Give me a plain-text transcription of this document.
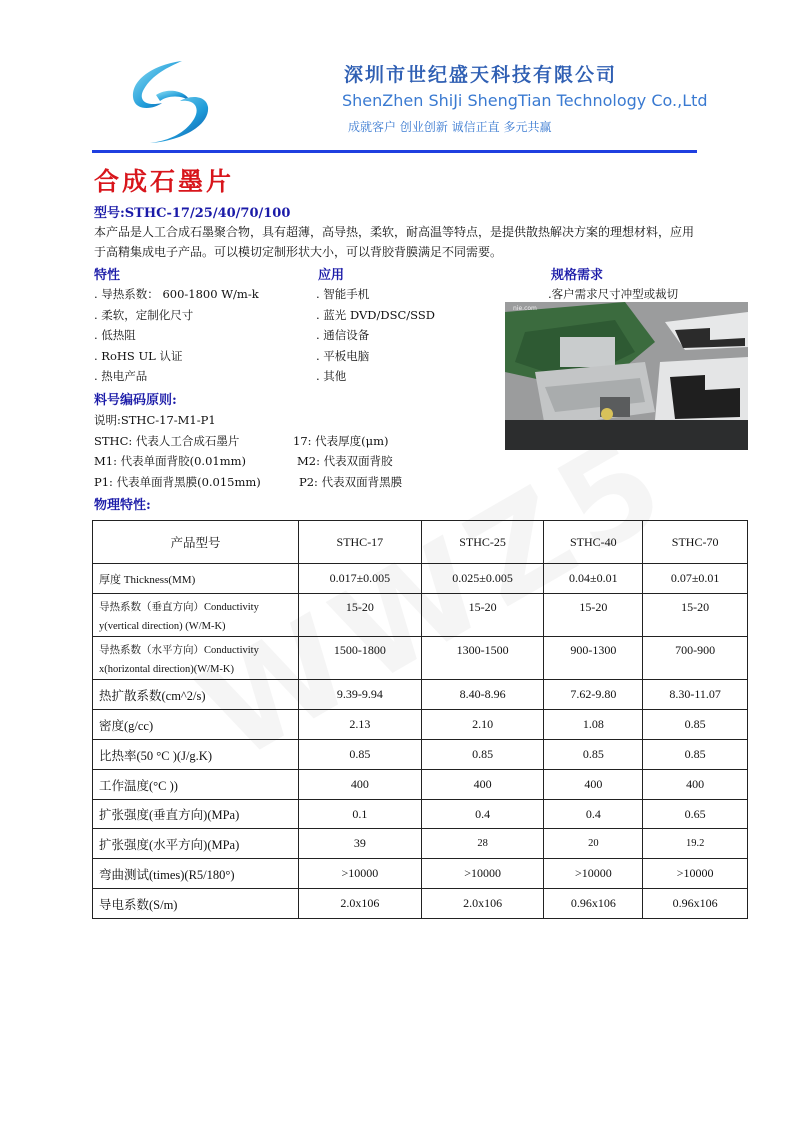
深圳市世纪盛天科技有限公司
ShenZhen ShiJi ShengTian Technology Co.,Ltd
成就客户 创业创新 诚信正直 多元共赢
合成石墨片
型号:STHC-17/25/40/70/100
本产品是人工合成石墨聚合物，具有超薄，高导热，柔软，耐高温等特点，是提供散热解决方案的理想材料，应用于高精集成电子产品。可以模切定制形状大小，可以背胶背膜满足不同需要。
特性
. 导热系数： 600-1800 W/m-k
. 柔软，定制化尺寸
. 低热阻
. RoHS UL 认证
. 热电产品
应用
. 智能手机
. 蓝光 DVD/DSC/SSD
. 通信设备
. 平板电脑
. 其他
规格需求
.客户需求尺寸冲型或裁切
nie.com
料号编码原则:
说明:STHC-17-M1-P1
STHC: 代表人工合成石墨片	17: 代表厚度(μm)
M1: 代表单面背胶(0.01mm)	M2: 代表双面背胶
P1: 代表单面背黑膜(0.015mm)	P2: 代表双面背黑膜
物理特性:
产品型号	STHC-17	STHC-25	STHC-40	STHC-70
厚度 Thickness(MM)	0.017±0.005	0.025±0.005	0.04±0.01	0.07±0.01
导热系数（垂直方向）Conductivity y(vertical direction) (W/M-K)	15-20	15-20	15-20	15-20
导热系数（水平方向）Conductivity x(horizontal direction)(W/M-K)	1500-1800	1300-1500	900-1300	700-900
热扩散系数(cm^2/s)	9.39-9.94	8.40-8.96	7.62-9.80	8.30-11.07
密度(g/cc)	2.13	2.10	1.08	0.85
比热率(50 °C )(J/g.K)	0.85	0.85	0.85	0.85
工作温度(°C ))	400	400	400	400
扩张强度(垂直方向)(MPa)	0.1	0.4	0.4	0.65
扩张强度(水平方向)(MPa)	39	28	20	19.2
弯曲测试(times)(R5/180°)	>10000	>10000	>10000	>10000
导电系数(S/m)	2.0x106	2.0x106	0.96x106	0.96x106
